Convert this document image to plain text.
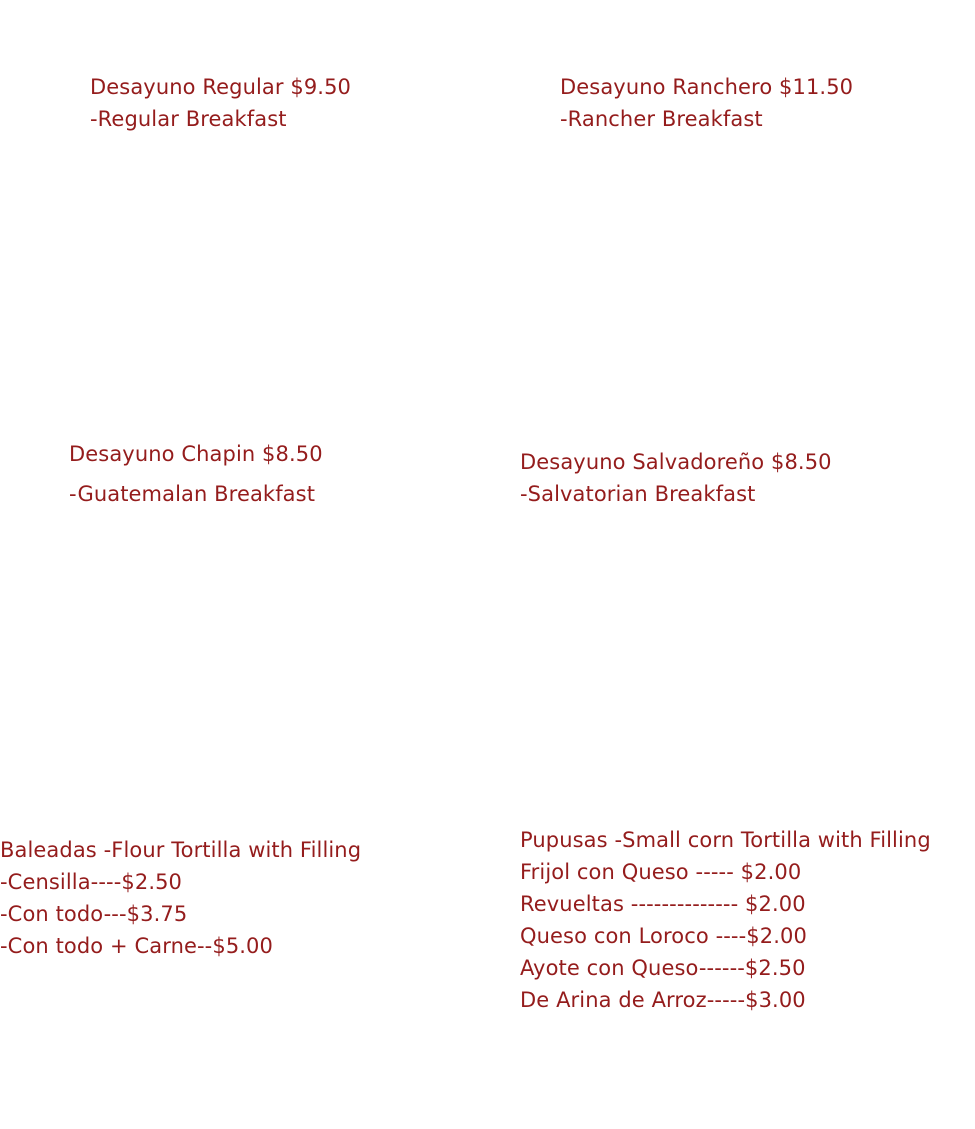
Desayuno Regular $9.50
-Regular Breakfast
Desayuno Ranchero $11.50
-Rancher Breakfast
Desayuno Chapin $8.50
-Guatemalan Breakfast
Desayuno Salvadoreño $8.50
-Salvatorian Breakfast
Baleadas -Flour Tortilla with Filling
-Censilla----$2.50
-Con todo---$3.75
-Con todo + Carne--$5.00
Pupusas -Small corn Tortilla with Filling
Frijol con Queso ----- $2.00
Revueltas -------------- $2.00
Queso con Loroco ----$2.00
Ayote con Queso------$2.50
De Arina de Arroz-----$3.00
